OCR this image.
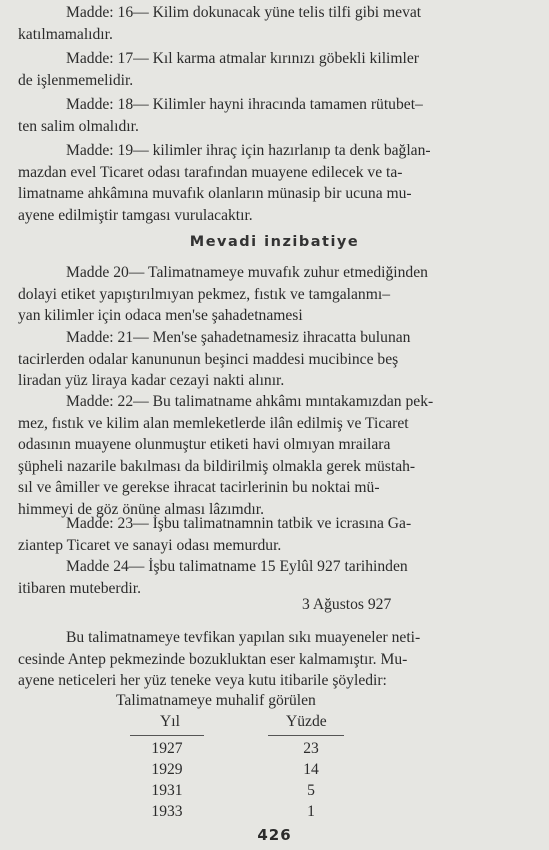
Madde: 16— Kilim dokunacak yüne telis tilfi gibi mevat
katılmamalıdır.
Madde: 17— Kıl karma atmalar kırınızı göbekli kilimler
de işlenmemelidir.
Madde: 18— Kilimler hayni ihracında tamamen rütubet–
ten salim olmalıdır.
Madde: 19— kilimler ihraç için hazırlanıp ta denk bağlan-
mazdan evel Ticaret odası tarafından muayene edilecek ve ta-
limatname ahkâmına muvafık olanların münasip bir ucuna mu-
ayene edilmiştir tamgası vurulacaktır.
Mevadi inzibatiye
Madde 20— Talimatnameye muvafık zuhur etmediğinden
dolayi etiket yapıştırılmıyan pekmez, fıstık ve tamgalanmı–
yan kilimler için odaca men'se şahadetnamesi
Madde: 21— Men'se şahadetnamesiz ihracatta bulunan
tacirlerden odalar kanununun beşinci maddesi mucibince beş
liradan yüz liraya kadar cezayi nakti alınır.
Madde: 22— Bu talimatname ahkâmı mıntakamızdan pek-
mez, fıstık ve kilim alan memleketlerde ilân edilmiş ve Ticaret
odasının muayene olunmuştur etiketi havi olmıyan mrailara
şüpheli nazarile bakılması da bildirilmiş olmakla gerek müstah-
sıl ve âmiller ve gerekse ihracat tacirlerinin bu noktai mü-
himmeyi de göz önüne alması lâzımdır.
Madde: 23— İşbu talimatnamnin tatbik ve icrasına Ga-
ziantep Ticaret ve sanayi odası memurdur.
Madde 24— İşbu talimatname 15 Eylûl 927 tarihinden
itibaren muteberdir.
3 Ağustos 927
Bu talimatnameye tevfikan yapılan sıkı muayeneler neti-
cesinde Antep pekmezinde bozukluktan eser kalmamıştır. Mu-
ayene neticeleri her yüz teneke veya kutu itibarile şöyledir:
Talimatnameye muhalif görülen
Yıl	Yüzde
1927	23
1929	14
1931	5
1933	1
426
